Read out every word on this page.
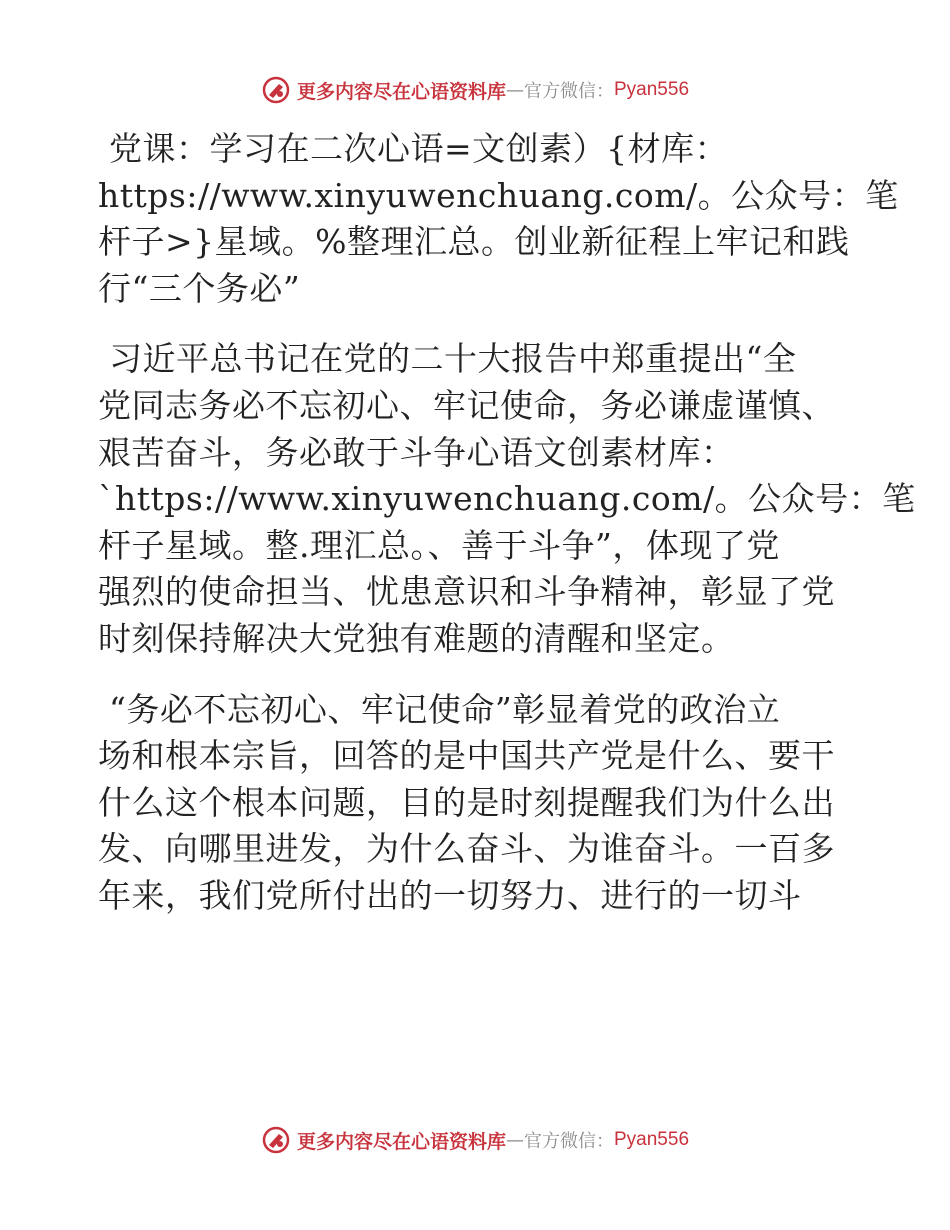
更多内容尽在心语资料库 — 官方微信： Pyan556
党课：学习在二次心语=文创素）{材库：
https://www.xinyuwenchuang.com/。公众号：笔
杆子>}星域。%整理汇总。创业新征程上牢记和践
行“三个务必”
习近平总书记在党的二十大报告中郑重提出“全
党同志务必不忘初心、牢记使命，务必谦虚谨慎、
艰苦奋斗，务必敢于斗争心语文创素材库：
`https://www.xinyuwenchuang.com/。公众号：笔
杆子星域。整.理汇总。、善于斗争”，体现了党
强烈的使命担当、忧患意识和斗争精神，彰显了党
时刻保持解决大党独有难题的清醒和坚定。
“务必不忘初心、牢记使命”彰显着党的政治立
场和根本宗旨，回答的是中国共产党是什么、要干
什么这个根本问题，目的是时刻提醒我们为什么出
发、向哪里进发，为什么奋斗、为谁奋斗。一百多
年来，我们党所付出的一切努力、进行的一切斗
更多内容尽在心语资料库 — 官方微信： Pyan556
